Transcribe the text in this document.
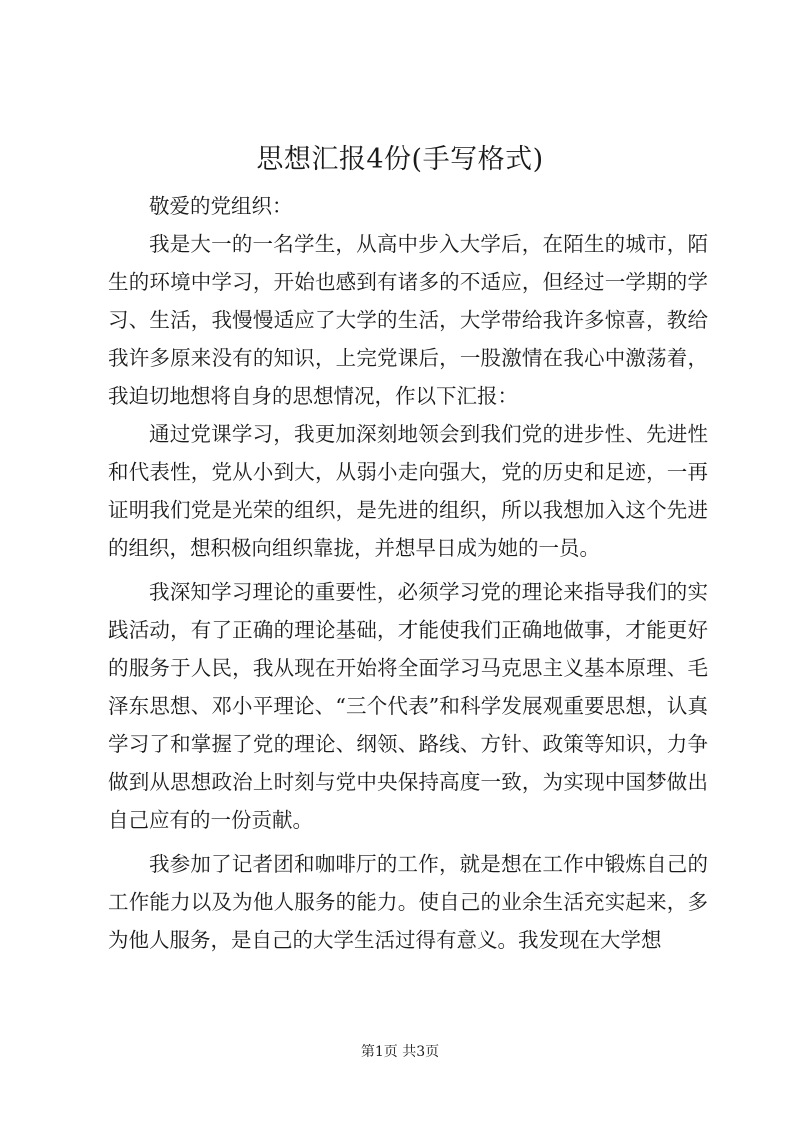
思想汇报4份(手写格式)

敬爱的党组织：

我是大一的一名学生，从高中步入大学后，在陌生的城市，陌生的环境中学习，开始也感到有诸多的不适应，但经过一学期的学习、生活，我慢慢适应了大学的生活，大学带给我许多惊喜，教给我许多原来没有的知识，上完党课后，一股激情在我心中激荡着，我迫切地想将自身的思想情况，作以下汇报：

通过党课学习，我更加深刻地领会到我们党的进步性、先进性和代表性，党从小到大，从弱小走向强大，党的历史和足迹，一再证明我们党是光荣的组织，是先进的组织，所以我想加入这个先进的组织，想积极向组织靠拢，并想早日成为她的一员。

我深知学习理论的重要性，必须学习党的理论来指导我们的实践活动，有了正确的理论基础，才能使我们正确地做事，才能更好的服务于人民，我从现在开始将全面学习马克思主义基本原理、毛泽东思想、邓小平理论、“三个代表”和科学发展观重要思想，认真学习了和掌握了党的理论、纲领、路线、方针、政策等知识，力争做到从思想政治上时刻与党中央保持高度一致，为实现中国梦做出自己应有的一份贡献。

我参加了记者团和咖啡厅的工作，就是想在工作中锻炼自己的工作能力以及为他人服务的能力。使自己的业余生活充实起来，多为他人服务，是自己的大学生活过得有意义。我发现在大学想

第1页 共3页
